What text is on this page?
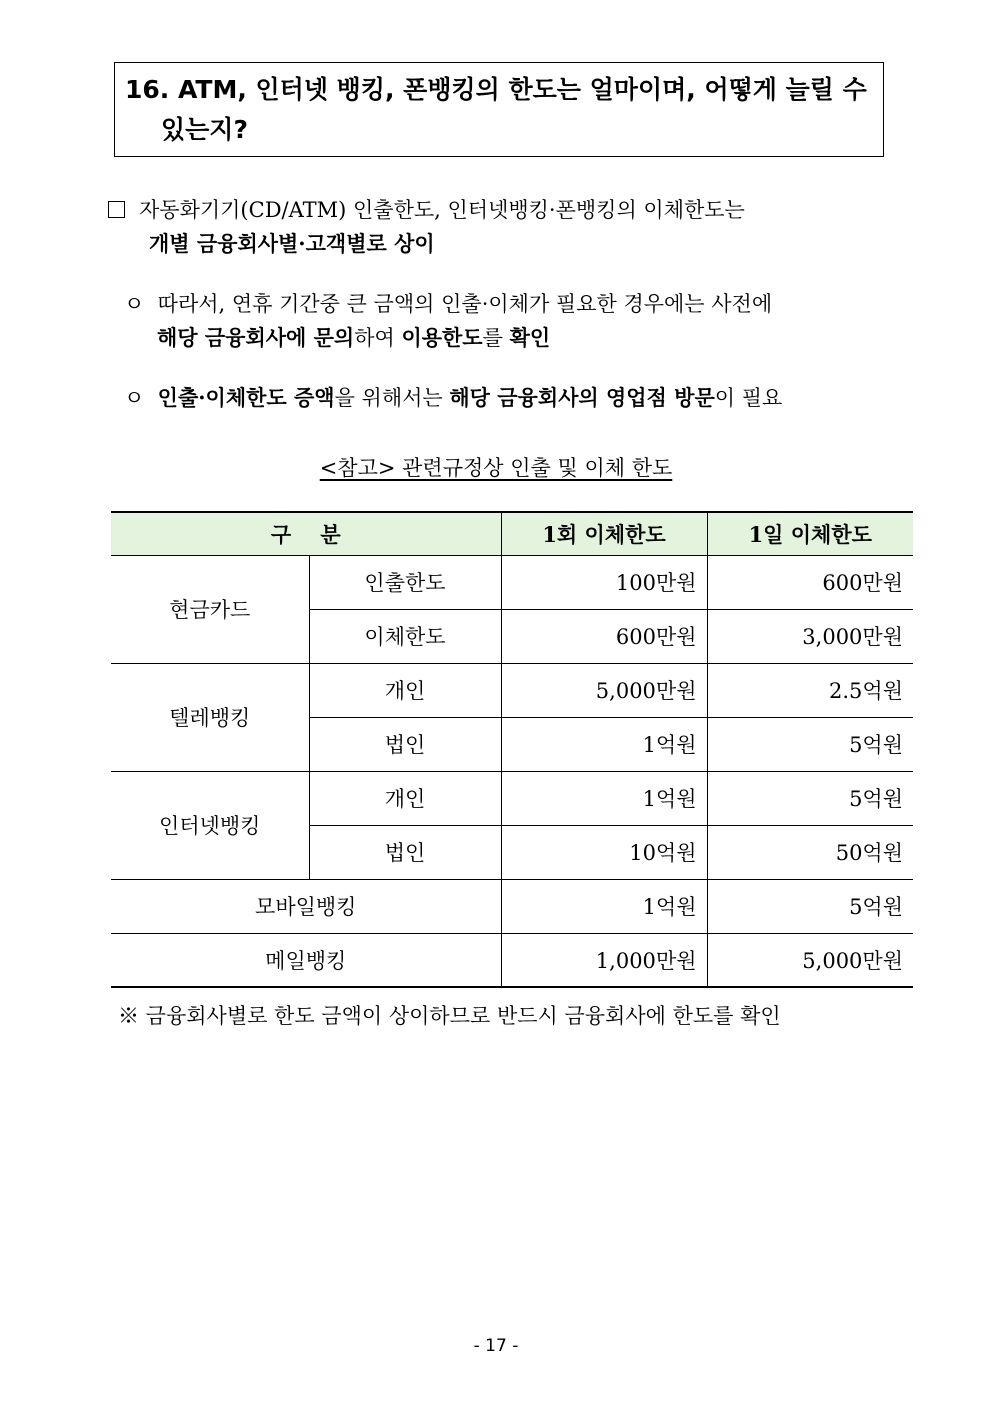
16. ATM, 인터넷 뱅킹, 폰뱅킹의 한도는 얼마이며, 어떻게 늘릴 수
있는지?
자동화기기(CD/ATM) 인출한도, 인터넷뱅킹·폰뱅킹의 이체한도는
개별 금융회사별·고객별로 상이
ㅇ 따라서, 연휴 기간중 큰 금액의 인출·이체가 필요한 경우에는 사전에
해당 금융회사에 문의하여 이용한도를 확인
ㅇ 인출·이체한도 증액을 위해서는 해당 금융회사의 영업점 방문이 필요
<참고> 관련규정상 인출 및 이체 한도
구    분		1회 이체한도	1일 이체한도
현금카드	인출한도	100만원	600만원
	이체한도	600만원	3,000만원
텔레뱅킹	개인	5,000만원	2.5억원
	법인	1억원	5억원
인터넷뱅킹	개인	1억원	5억원
	법인	10억원	50억원
모바일뱅킹		1억원	5억원
메일뱅킹		1,000만원	5,000만원
※ 금융회사별로 한도 금액이 상이하므로 반드시 금융회사에 한도를 확인
- 17 -
